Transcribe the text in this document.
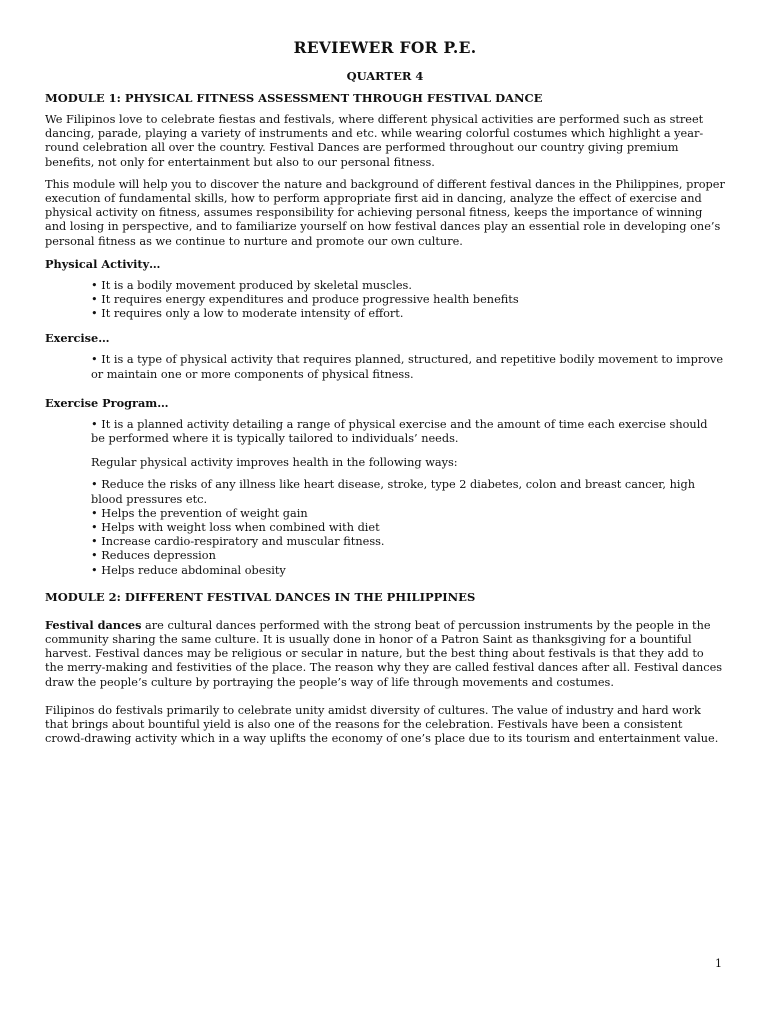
REVIEWER FOR P.E.
QUARTER 4
MODULE 1: PHYSICAL FITNESS ASSESSMENT THROUGH FESTIVAL DANCE

We Filipinos love to celebrate fiestas and festivals, where different physical activities are performed such as street dancing, parade, playing a variety of instruments and etc. while wearing colorful costumes which highlight a year-round celebration all over the country. Festival Dances are performed throughout our country giving premium benefits, not only for entertainment but also to our personal fitness.

This module will help you to discover the nature and background of different festival dances in the Philippines, proper execution of fundamental skills, how to perform appropriate first aid in dancing, analyze the effect of exercise and physical activity on fitness, assumes responsibility for achieving personal fitness, keeps the importance of winning and losing in perspective, and to familiarize yourself on how festival dances play an essential role in developing one’s personal fitness as we continue to nurture and promote our own culture.

Physical Activity…
• It is a bodily movement produced by skeletal muscles.
• It requires energy expenditures and produce progressive health benefits
• It requires only a low to moderate intensity of effort.
Exercise…
• It is a type of physical activity that requires planned, structured, and repetitive bodily movement to improve or maintain one or more components of physical fitness.
Exercise Program…
• It is a planned activity detailing a range of physical exercise and the amount of time each exercise should be performed where it is typically tailored to individuals’ needs.

Regular physical activity improves health in the following ways:

• Reduce the risks of any illness like heart disease, stroke, type 2 diabetes, colon and breast cancer, high blood pressures etc.
• Helps the prevention of weight gain
• Helps with weight loss when combined with diet
• Increase cardio-respiratory and muscular fitness.
• Reduces depression
• Helps reduce abdominal obesity
MODULE 2: DIFFERENT FESTIVAL DANCES IN THE PHILIPPINES

Festival dances are cultural dances performed with the strong beat of percussion instruments by the people in the community sharing the same culture. It is usually done in honor of a Patron Saint as thanksgiving for a bountiful harvest. Festival dances may be religious or secular in nature, but the best thing about festivals is that they add to the merry-making and festivities of the place. The reason why they are called festival dances after all. Festival dances draw the people’s culture by portraying the people’s way of life through movements and costumes.

Filipinos do festivals primarily to celebrate unity amidst diversity of cultures. The value of industry and hard work that brings about bountiful yield is also one of the reasons for the celebration. Festivals have been a consistent crowd-drawing activity which in a way uplifts the economy of one’s place due to its tourism and entertainment value.

1
